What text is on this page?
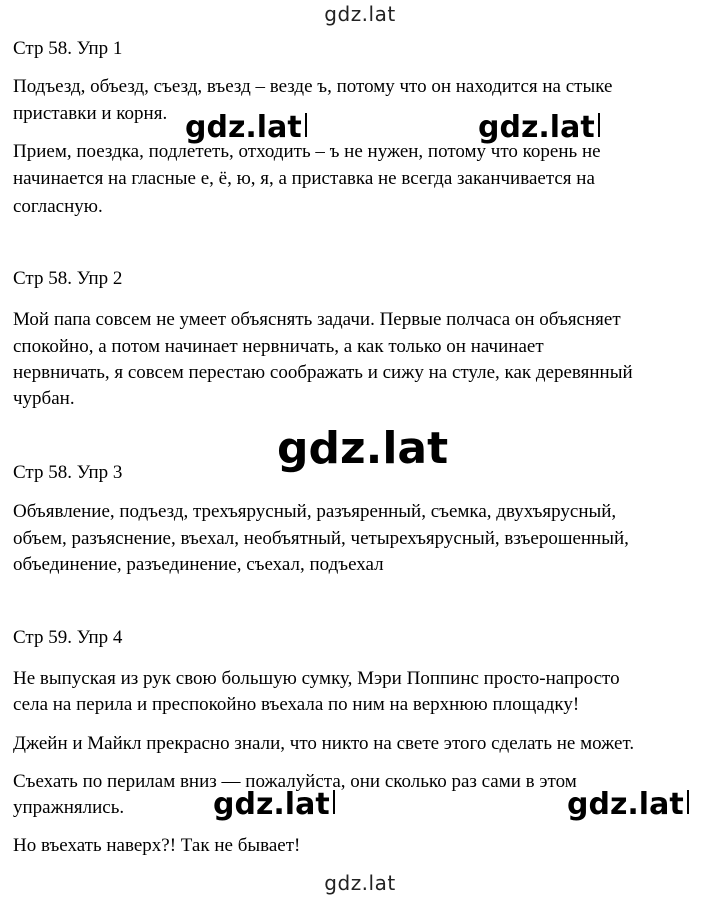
gdz.lat
Стр 58. Упр 1
Подъезд, объезд, съезд, въезд – везде ъ, потому что он находится на стыке
приставки и корня.
Прием, поездка, подлететь, отходить – ъ не нужен, потому что корень не
начинается на гласные е, ё, ю, я, а приставка не всегда заканчивается на
согласную.
Стр 58. Упр 2
Мой папа совсем не умеет объяснять задачи. Первые полчаса он объясняет
спокойно, а потом начинает нервничать, а как только он начинает
нервничать, я совсем перестаю соображать и сижу на стуле, как деревянный
чурбан.
Стр 58. Упр 3
Объявление, подъезд, трехъярусный, разъяренный, съемка, двухъярусный,
объем, разъяснение, въехал, необъятный, четырехъярусный, взъерошенный,
объединение, разъединение, съехал, подъехал
Стр 59. Упр 4
Не выпуская из рук свою большую сумку, Мэри Поппинс просто-напросто
села на перила и преспокойно въехала по ним на верхнюю площадку!
Джейн и Майкл прекрасно знали, что никто на свете этого сделать не может.
Съехать по перилам вниз — пожалуйста, они сколько раз сами в этом
упражнялись.
Но въехать наверх?! Так не бывает!
gdz.lat	gdz.lat
gdz.lat
gdz.lat	gdz.lat
gdz.lat
